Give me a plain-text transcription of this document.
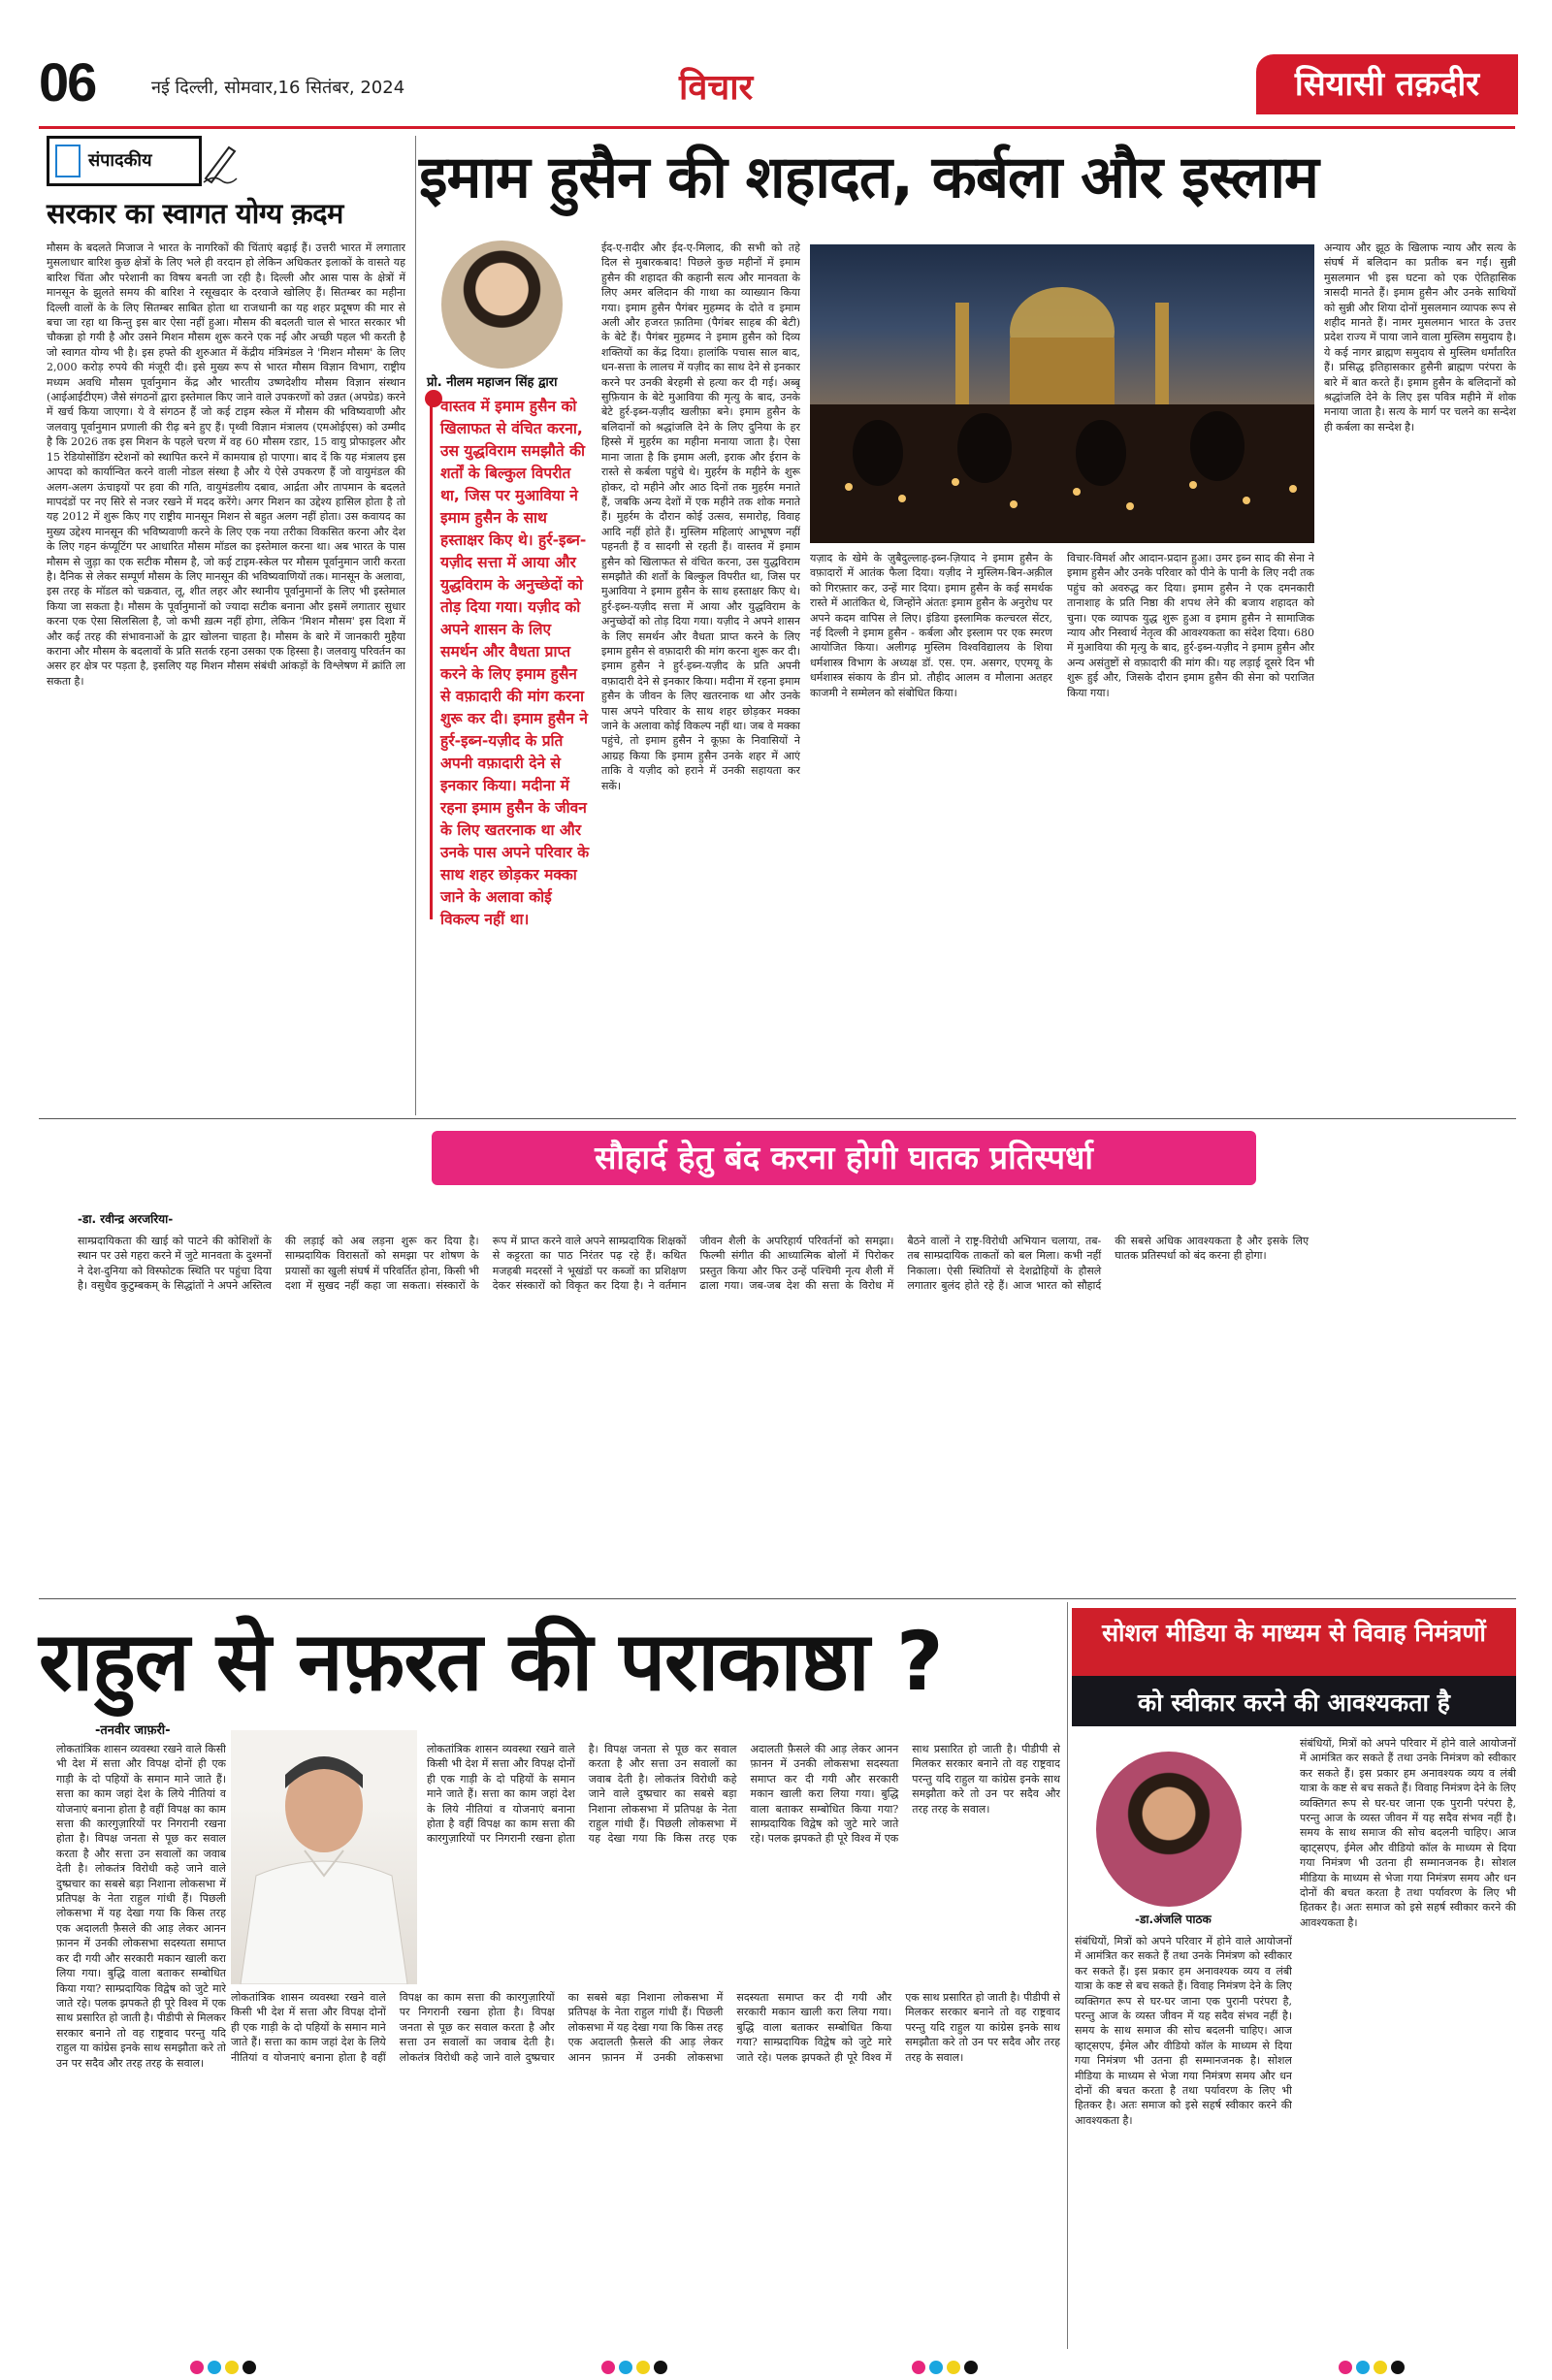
06	नई दिल्ली, सोमवार,16 सितंबर, 2024	विचार	सियासी तक़दीर
संपादकीय
सरकार का स्वागत योग्य क़दम
मौसम के बदलते मिजाज ने भारत के नागरिकों की चिंताएं बढ़ाई हैं। उत्तरी भारत में लगातार मुसलाधार बारिश कुछ क्षेत्रों के लिए भले ही वरदान हो लेकिन अधिकतर इलाकों के वासते यह बारिश चिंता और परेशानी का विषय बनती जा रही है। दिल्ली और आस पास के क्षेत्रों में मानसून के झुलते समय की बारिश ने रसूखदार के दरवाजे खोलिए हैं। सितम्बर का महीना दिल्ली वालों के के लिए सितम्बर साबित होता था राजधानी का यह शहर प्रदूषण की मार से बचा जा रहा था किन्तु इस बार ऐसा नहीं हुआ। मौसम की बदलती चाल से भारत सरकार भी चौकन्ना हो गयी है और उसने मिशन मौसम शुरू करने एक नई और अच्छी पहल भी करती है जो स्वागत योग्य भी है। इस हफ्ते की शुरुआत में केंद्रीय मंत्रिमंडल ने 'मिशन मौसम' के लिए 2,000 करोड़ रुपये की मंजूरी दी। इसे मुख्य रूप से भारत मौसम विज्ञान विभाग, राष्ट्रीय मध्यम अवधि मौसम पूर्वानुमान केंद्र और भारतीय उष्णदेशीय मौसम विज्ञान संस्थान (आईआईटीएम) जैसे संगठनों द्वारा इस्तेमाल किए जाने वाले उपकरणों को उन्नत (अपग्रेड) करने में खर्च किया जाएगा। ये वे संगठन हैं जो कई टाइम स्केल में मौसम की भविष्यवाणी और जलवायु पूर्वानुमान प्रणाली की रीढ़ बने हुए हैं। पृथ्वी विज्ञान मंत्रालय (एमओईएस) को उम्मीद है कि 2026 तक इस मिशन के पहले चरण में वह 60 मौसम रडार, 15 वायु प्रोफाइलर और 15 रेडियोसोंडिंग स्टेशनों को स्थापित करने में कामयाब हो पाएगा। बाद दें कि यह मंत्रालय इस आपदा को कार्यान्वित करने वाली नोडल संस्था है और ये ऐसे उपकरण हैं जो वायुमंडल की अलग-अलग ऊंचाइयों पर हवा की गति, वायुमंडलीय दबाव, आर्द्रता और तापमान के बदलते मापदंडों पर नए सिरे से नजर रखने में मदद करेंगे। अगर मिशन का उद्देश्य हासिल होता है तो यह 2012 में शुरू किए गए राष्ट्रीय मानसून मिशन से बहुत अलग नहीं होता। उस कवायद का मुख्य उद्देश्य मानसून की भविष्यवाणी करने के लिए एक नया तरीका विकसित करना और देश के लिए गहन कंप्यूटिंग पर आधारित मौसम मॉडल का इस्तेमाल करना था। अब भारत के पास मौसम से जुड़ा का एक सटीक मौसम है, जो कई टाइम-स्केल पर मौसम पूर्वानुमान जारी करता है। दैनिक से लेकर सम्पूर्ण मौसम के लिए मानसून की भविष्यवाणियों तक। मानसून के अलावा, इस तरह के मॉडल को चक्रवात, लू, शीत लहर और स्थानीय पूर्वानुमानों के लिए भी इस्तेमाल किया जा सकता है। मौसम के पूर्वानुमानों को ज्यादा सटीक बनाना और इसमें लगातार सुधार करना एक ऐसा सिलसिला है, जो कभी ख़त्म नहीं होगा, लेकिन 'मिशन मौसम' इस दिशा में और कई तरह की संभावनाओं के द्वार खोलना चाहता है। मौसम के बारे में जानकारी मुहैया कराना और मौसम के बदलावों के प्रति सतर्क रहना उसका एक हिस्सा है। जलवायु परिवर्तन का असर हर क्षेत्र पर पड़ता है, इसलिए यह मिशन मौसम संबंधी आंकड़ों के विश्लेषण में क्रांति ला सकता है।
इमाम हुसैन की शहादत, कर्बला और इस्लाम
प्रो. नीलम महाजन सिंह द्वारा
वास्तव में इमाम हुसैन को खिलाफत से वंचित करना, उस युद्धविराम समझौते की शर्तों के बिल्कुल विपरीत था, जिस पर मुआविया ने इमाम हुसैन के साथ हस्ताक्षर किए थे। हुर्र-इब्न-यज़ीद सत्ता में आया और युद्धविराम के अनुच्छेदों को तोड़ दिया गया। यज़ीद को अपने शासन के लिए समर्थन और वैधता प्राप्त करने के लिए इमाम हुसैन से वफ़ादारी की मांग करना शुरू कर दी। इमाम हुसैन ने हुर्र-इब्न-यज़ीद के प्रति अपनी वफ़ादारी देने से इनकार किया। मदीना में रहना इमाम हुसैन के जीवन के लिए खतरनाक था और उनके पास अपने परिवार के साथ शहर छोड़कर मक्का जाने के अलावा कोई विकल्प नहीं था।
ईद-ए-ग़दीर और ईद-ए-मिलाद, की सभी को तहे दिल से मुबारकबाद! पिछले कुछ महीनों में इमाम हुसैन की शहादत की कहानी सत्य और मानवता के लिए अमर बलिदान की गाथा का व्याख्यान किया गया। इमाम हुसैन पैगंबर मुहम्मद के दोते व इमाम अली और हजरत फ़ातिमा (पैगंबर साहब की बेटी) के बेटे हैं। पैगंबर मुहम्मद ने इमाम हुसैन को दिव्य शक्तियों का केंद्र दिया। हालांकि पचास साल बाद, धन-सत्ता के लालच में यज़ीद का साथ देने से इनकार करने पर उनकी बेरहमी से हत्या कर दी गई। अब्बू सुफ़ियान के बेटे मुआविया की मृत्यु के बाद, उनके बेटे हुर्र-इब्न-यज़ीद खलीफ़ा बने। इमाम हुसैन के बलिदानों को श्रद्धांजलि देने के लिए दुनिया के हर हिस्से में मुहर्रम का महीना मनाया जाता है। ऐसा माना जाता है कि इमाम अली, इराक और ईरान के रास्ते से कर्बला पहुंचे थे। मुहर्रम के महीने के शुरू होकर, दो महीने और आठ दिनों तक मुहर्रम मनाते हैं, जबकि अन्य देशों में एक महीने तक शोक मनाते हैं। मुहर्रम के दौरान कोई उत्सव, समारोह, विवाह आदि नहीं होते हैं। मुस्लिम महिलाएं आभूषण नहीं पहनती हैं व सादगी से रहती हैं। वास्तव में इमाम हुसैन को खिलाफत से वंचित करना, उस युद्धविराम समझौते की शर्तों के बिल्कुल विपरीत था, जिस पर मुआविया ने इमाम हुसैन के साथ हस्ताक्षर किए थे। हुर्र-इब्न-यज़ीद सत्ता में आया और युद्धविराम के अनुच्छेदों को तोड़ दिया गया। यज़ीद ने अपने शासन के लिए समर्थन और वैधता प्राप्त करने के लिए इमाम हुसैन से वफ़ादारी की मांग करना शुरू कर दी। इमाम हुसैन ने हुर्र-इब्न-यज़ीद के प्रति अपनी वफ़ादारी देने से इनकार किया। मदीना में रहना इमाम हुसैन के जीवन के लिए खतरनाक था और उनके पास अपने परिवार के साथ शहर छोड़कर मक्का जाने के अलावा कोई विकल्प नहीं था। जब वे मक्का पहुंचे, तो इमाम हुसैन ने कूफ़ा के निवासियों ने आग्रह किया कि इमाम हुसैन उनके शहर में आएं ताकि वे यज़ीद को हराने में उनकी सहायता कर सकें।
यज़ाद के खेमे के ज़ुबैदुल्लाह-इब्न-ज़ियाद ने इमाम हुसैन के वफ़ादारों में आतंक फैला दिया। यज़ीद ने मुस्लिम-बिन-अक़ील को गिरफ़्तार कर, उन्हें मार दिया। इमाम हुसैन के कई समर्थक रास्ते में आतंकित थे, जिन्होंने अंततः इमाम हुसैन के अनुरोध पर अपने कदम वापिस ले लिए। इंडिया इस्लामिक कल्चरल सेंटर, नई दिल्ली ने इमाम हुसैन - कर्बला और इस्लाम पर एक स्मरण आयोजित किया। अलीगढ़ मुस्लिम विश्वविद्यालय के शिया धर्मशास्त्र विभाग के अध्यक्ष डॉ. एस. एम. असगर, एएमयू के धर्मशास्त्र संकाय के डीन प्रो. तौहीद आलम व मौलाना अतहर काजमी ने सम्मेलन को संबोधित किया।
विचार-विमर्श और आदान-प्रदान हुआ। उमर इब्न साद की सेना ने इमाम हुसैन और उनके परिवार को पीने के पानी के लिए नदी तक पहुंच को अवरुद्ध कर दिया। इमाम हुसैन ने एक दमनकारी तानाशाह के प्रति निष्ठा की शपथ लेने की बजाय शहादत को चुना। एक व्यापक युद्ध शुरू हुआ व इमाम हुसैन ने सामाजिक न्याय और निस्वार्थ नेतृत्व की आवश्यकता का संदेश दिया। 680 में मुआविया की मृत्यु के बाद, हुर्र-इब्न-यज़ीद ने इमाम हुसैन और अन्य असंतुष्टों से वफ़ादारी की मांग की। यह लड़ाई दूसरे दिन भी शुरू हुई और, जिसके दौरान इमाम हुसैन की सेना को पराजित किया गया।
अन्याय और झूठ के खिलाफ न्याय और सत्य के संघर्ष में बलिदान का प्रतीक बन गईं। सुन्नी मुसलमान भी इस घटना को एक ऐतिहासिक त्रासदी मानते हैं। इमाम हुसैन और उनके साथियों को सुन्नी और शिया दोनों मुसलमान व्यापक रूप से शहीद मानते हैं। नामर मुसलमान भारत के उत्तर प्रदेश राज्य में पाया जाने वाला मुस्लिम समुदाय है। ये कई नागर ब्राह्मण समुदाय से मुस्लिम धर्मांतरित हैं। प्रसिद्ध इतिहासकार हुसैनी ब्राह्मण परंपरा के बारे में बात करते हैं। इमाम हुसैन के बलिदानों को श्रद्धांजलि देने के लिए इस पवित्र महीने में शोक मनाया जाता है। सत्य के मार्ग पर चलने का सन्देश ही कर्बला का सन्देश है।
सौहार्द हेतु बंद करना होगी घातक प्रतिस्पर्धा
-डा. रवीन्द्र अरजरिया-
साम्प्रदायिकता की खाई को पाटने की कोशिशों के स्थान पर उसे गहरा करने में जुटे मानवता के दुश्मनों ने देश-दुनिया को विस्फोटक स्थिति पर पहुंचा दिया है। वसुधैव कुटुम्बकम् के सिद्धांतों ने अपने अस्तित्व की लड़ाई को अब लड़ना शुरू कर दिया है। साम्प्रदायिक विरासतों को समझा पर शोषण के प्रयासों का खुली संघर्ष में परिवर्तित होना, किसी भी दशा में सुखद नहीं कहा जा सकता। संस्कारों के रूप में प्राप्त करने वाले अपने साम्प्रदायिक शिक्षकों से कट्टरता का पाठ निरंतर पढ़ रहे हैं। कथित मजहबी मदरसों ने भूखंडों पर कब्जों का प्रशिक्षण देकर संस्कारों को विकृत कर दिया है। ने वर्तमान जीवन शैली के अपरिहार्य परिवर्तनों को समझा। फिल्मी संगीत की आध्यात्मिक बोलों में पिरोकर प्रस्तुत किया और फिर उन्हें पश्चिमी नृत्य शैली में ढाला गया। जब-जब देश की सत्ता के विरोध में बैठने वालों ने राष्ट्र-विरोधी अभियान चलाया, तब-तब साम्प्रदायिक ताकतों को बल मिला। कभी नहीं निकाला। ऐसी स्थितियों से देशद्रोहियों के हौसले लगातार बुलंद होते रहे हैं। आज भारत को सौहार्द की सबसे अधिक आवश्यकता है और इसके लिए घातक प्रतिस्पर्धा को बंद करना ही होगा।
राहुल से नफ़रत की पराकाष्ठा ?
-तनवीर जाफ़री-
लोकतांत्रिक शासन व्यवस्था रखने वाले किसी भी देश में सत्ता और विपक्ष दोनों ही एक गाड़ी के दो पहियों के समान माने जाते हैं। सत्ता का काम जहां देश के लिये नीतियां व योजनाएं बनाना होता है वहीं विपक्ष का काम सत्ता की कारगुज़ारियों पर निगरानी रखना होता है। विपक्ष जनता से पूछ कर सवाल करता है और सत्ता उन सवालों का जवाब देती है। लोकतंत्र विरोधी कहे जाने वाले दुष्प्रचार का सबसे बड़ा निशाना लोकसभा में प्रतिपक्ष के नेता राहुल गांधी हैं। पिछली लोकसभा में यह देखा गया कि किस तरह एक अदालती फ़ैसले की आड़ लेकर आनन फ़ानन में उनकी लोकसभा सदस्यता समाप्त कर दी गयी और सरकारी मकान खाली करा लिया गया। बुद्धि वाला बताकर सम्बोधित किया गया? साम्प्रदायिक विद्वेष को जुटे मारे जाते रहे। पलक झपकते ही पूरे विश्व में एक साथ प्रसारित हो जाती है। पीडीपी से मिलकर सरकार बनाने तो वह राष्ट्रवाद परन्तु यदि राहुल या कांग्रेस इनके साथ समझौता करे तो उन पर सदैव और तरह तरह के सवाल।
लोकतांत्रिक शासन व्यवस्था रखने वाले किसी भी देश में सत्ता और विपक्ष दोनों ही एक गाड़ी के दो पहियों के समान माने जाते हैं। सत्ता का काम जहां देश के लिये नीतियां व योजनाएं बनाना होता है वहीं विपक्ष का काम सत्ता की कारगुज़ारियों पर निगरानी रखना होता है। विपक्ष जनता से पूछ कर सवाल करता है और सत्ता उन सवालों का जवाब देती है। लोकतंत्र विरोधी कहे जाने वाले दुष्प्रचार का सबसे बड़ा निशाना लोकसभा में प्रतिपक्ष के नेता राहुल गांधी हैं। पिछली लोकसभा में यह देखा गया कि किस तरह एक अदालती फ़ैसले की आड़ लेकर आनन फ़ानन में उनकी लोकसभा सदस्यता समाप्त कर दी गयी और सरकारी मकान खाली करा लिया गया। बुद्धि वाला बताकर सम्बोधित किया गया? साम्प्रदायिक विद्वेष को जुटे मारे जाते रहे। पलक झपकते ही पूरे विश्व में एक साथ प्रसारित हो जाती है। पीडीपी से मिलकर सरकार बनाने तो वह राष्ट्रवाद परन्तु यदि राहुल या कांग्रेस इनके साथ समझौता करे तो उन पर सदैव और तरह तरह के सवाल।
लोकतांत्रिक शासन व्यवस्था रखने वाले किसी भी देश में सत्ता और विपक्ष दोनों ही एक गाड़ी के दो पहियों के समान माने जाते हैं। सत्ता का काम जहां देश के लिये नीतियां व योजनाएं बनाना होता है वहीं विपक्ष का काम सत्ता की कारगुज़ारियों पर निगरानी रखना होता है। विपक्ष जनता से पूछ कर सवाल करता है और सत्ता उन सवालों का जवाब देती है। लोकतंत्र विरोधी कहे जाने वाले दुष्प्रचार का सबसे बड़ा निशाना लोकसभा में प्रतिपक्ष के नेता राहुल गांधी हैं। पिछली लोकसभा में यह देखा गया कि किस तरह एक अदालती फ़ैसले की आड़ लेकर आनन फ़ानन में उनकी लोकसभा सदस्यता समाप्त कर दी गयी और सरकारी मकान खाली करा लिया गया। बुद्धि वाला बताकर सम्बोधित किया गया? साम्प्रदायिक विद्वेष को जुटे मारे जाते रहे। पलक झपकते ही पूरे विश्व में एक साथ प्रसारित हो जाती है। पीडीपी से मिलकर सरकार बनाने तो वह राष्ट्रवाद परन्तु यदि राहुल या कांग्रेस इनके साथ समझौता करे तो उन पर सदैव और तरह तरह के सवाल।
सोशल मीडिया के माध्यम से विवाह निमंत्रणों
को स्वीकार करने की आवश्यकता है
-डा.अंजलि पाठक
संबंधियों, मित्रों को अपने परिवार में होने वाले आयोजनों में आमंत्रित कर सकते हैं तथा उनके निमंत्रण को स्वीकार कर सकते हैं। इस प्रकार हम अनावश्यक व्यय व लंबी यात्रा के कष्ट से बच सकते हैं। विवाह निमंत्रण देने के लिए व्यक्तिगत रूप से घर-घर जाना एक पुरानी परंपरा है, परन्तु आज के व्यस्त जीवन में यह सदैव संभव नहीं है। समय के साथ समाज की सोच बदलनी चाहिए। आज व्हाट्सएप, ईमेल और वीडियो कॉल के माध्यम से दिया गया निमंत्रण भी उतना ही सम्मानजनक है। सोशल मीडिया के माध्यम से भेजा गया निमंत्रण समय और धन दोनों की बचत करता है तथा पर्यावरण के लिए भी हितकर है। अतः समाज को इसे सहर्ष स्वीकार करने की आवश्यकता है।
संबंधियों, मित्रों को अपने परिवार में होने वाले आयोजनों में आमंत्रित कर सकते हैं तथा उनके निमंत्रण को स्वीकार कर सकते हैं। इस प्रकार हम अनावश्यक व्यय व लंबी यात्रा के कष्ट से बच सकते हैं। विवाह निमंत्रण देने के लिए व्यक्तिगत रूप से घर-घर जाना एक पुरानी परंपरा है, परन्तु आज के व्यस्त जीवन में यह सदैव संभव नहीं है। समय के साथ समाज की सोच बदलनी चाहिए। आज व्हाट्सएप, ईमेल और वीडियो कॉल के माध्यम से दिया गया निमंत्रण भी उतना ही सम्मानजनक है। सोशल मीडिया के माध्यम से भेजा गया निमंत्रण समय और धन दोनों की बचत करता है तथा पर्यावरण के लिए भी हितकर है। अतः समाज को इसे सहर्ष स्वीकार करने की आवश्यकता है।
